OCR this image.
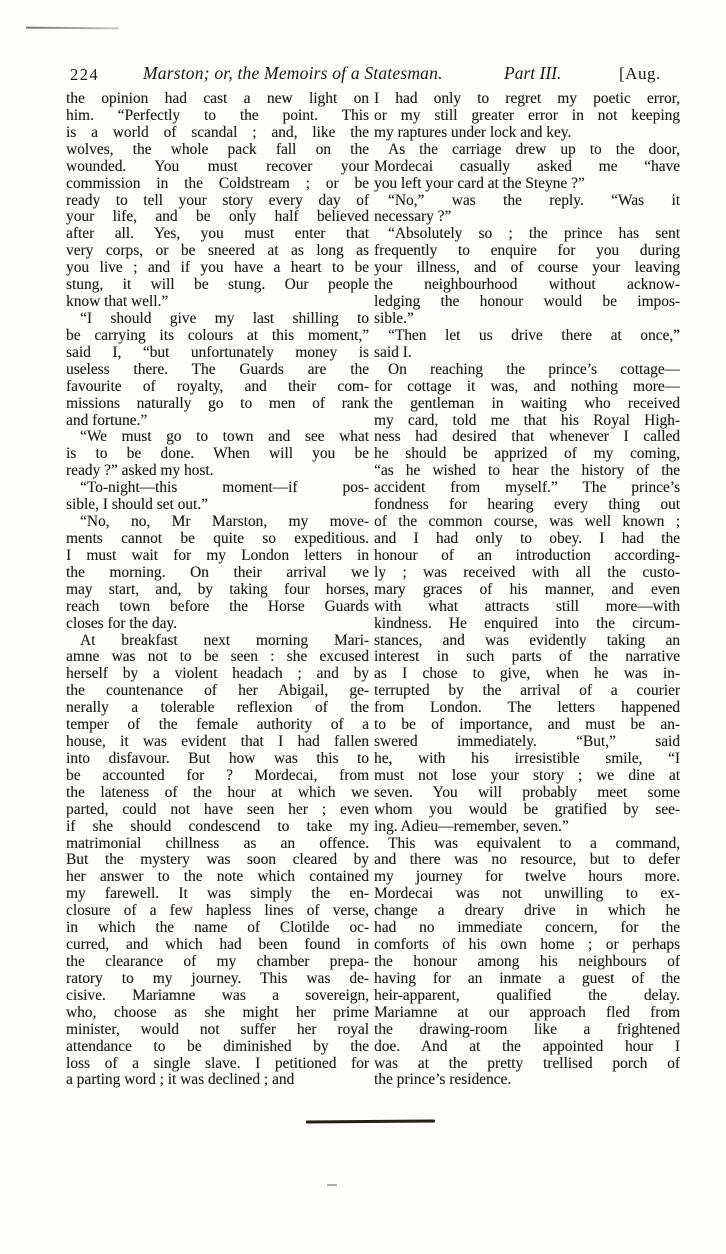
224	Marston; or, the Memoirs of a Statesman.	Part III.	[Aug.
the opinion had cast a new light on
him. “Perfectly to the point. This
is a world of scandal ; and, like the
wolves, the whole pack fall on the
wounded. You must recover your
commission in the Coldstream ; or be
ready to tell your story every day of
your life, and be only half believed
after all. Yes, you must enter that
very corps, or be sneered at as long as
you live ; and if you have a heart to be
stung, it will be stung. Our people
know that well.”
“I should give my last shilling to
be carrying its colours at this moment,”
said I, “but unfortunately money is
useless there. The Guards are the
favourite of royalty, and their com-
missions naturally go to men of rank
and fortune.”
“We must go to town and see what
is to be done. When will you be
ready ?” asked my host.
“To-night—this moment—if pos-
sible, I should set out.”
“No, no, Mr Marston, my move-
ments cannot be quite so expeditious.
I must wait for my London letters in
the morning. On their arrival we
may start, and, by taking four horses,
reach town before the Horse Guards
closes for the day.
At breakfast next morning Mari-
amne was not to be seen : she excused
herself by a violent headach ; and by
the countenance of her Abigail, ge-
nerally a tolerable reflexion of the
temper of the female authority of a
house, it was evident that I had fallen
into disfavour. But how was this to
be accounted for ? Mordecai, from
the lateness of the hour at which we
parted, could not have seen her ; even
if she should condescend to take my
matrimonial chillness as an offence.
But the mystery was soon cleared by
her answer to the note which contained
my farewell. It was simply the en-
closure of a few hapless lines of verse,
in which the name of Clotilde oc-
curred, and which had been found in
the clearance of my chamber prepa-
ratory to my journey. This was de-
cisive. Mariamne was a sovereign,
who, choose as she might her prime
minister, would not suffer her royal
attendance to be diminished by the
loss of a single slave. I petitioned for
a parting word ; it was declined ; and
I had only to regret my poetic error,
or my still greater error in not keeping
my raptures under lock and key.
As the carriage drew up to the door,
Mordecai casually asked me “have
you left your card at the Steyne ?”
“No,” was the reply. “Was it
necessary ?”
“Absolutely so ; the prince has sent
frequently to enquire for you during
your illness, and of course your leaving
the neighbourhood without acknow-
ledging the honour would be impos-
sible.”
“Then let us drive there at once,”
said I.
On reaching the prince’s cottage—
for cottage it was, and nothing more—
the gentleman in waiting who received
my card, told me that his Royal High-
ness had desired that whenever I called
he should be apprized of my coming,
“as he wished to hear the history of the
accident from myself.” The prince’s
fondness for hearing every thing out
of the common course, was well known ;
and I had only to obey. I had the
honour of an introduction according-
ly ; was received with all the custo-
mary graces of his manner, and even
with what attracts still more—with
kindness. He enquired into the circum-
stances, and was evidently taking an
interest in such parts of the narrative
as I chose to give, when he was in-
terrupted by the arrival of a courier
from London. The letters happened
to be of importance, and must be an-
swered immediately. “But,” said
he, with his irresistible smile, “I
must not lose your story ; we dine at
seven. You will probably meet some
whom you would be gratified by see-
ing. Adieu—remember, seven.”
This was equivalent to a command,
and there was no resource, but to defer
my journey for twelve hours more.
Mordecai was not unwilling to ex-
change a dreary drive in which he
had no immediate concern, for the
comforts of his own home ; or perhaps
the honour among his neighbours of
having for an inmate a guest of the
heir-apparent, qualified the delay.
Mariamne at our approach fled from
the drawing-room like a frightened
doe. And at the appointed hour I
was at the pretty trellised porch of
the prince’s residence.
